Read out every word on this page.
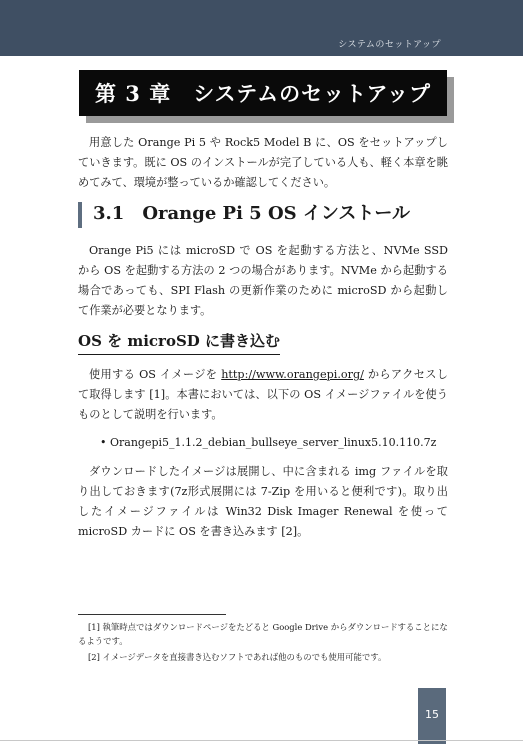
システムのセットアップ
第 3 章　システムのセットアップ

用意した Orange Pi 5 や Rock5 Model B に、OS をセットアップしていきます。既に OS のインストールが完了している人も、軽く本章を眺めてみて、環境が整っているか確認してください。

3.1　Orange Pi 5 OS インストール

Orange Pi5 には microSD で OS を起動する方法と、NVMe SSD から OS を起動する方法の 2 つの場合があります。NVMe から起動する場合であっても、SPI Flash の更新作業のために microSD から起動して作業が必要となります。

OS を microSD に書き込む

使用する OS イメージを http://www.orangepi.org/ からアクセスして取得します [1]。本書においては、以下の OS イメージファイルを使うものとして説明を行います。

• Orangepi5_1.1.2_debian_bullseye_server_linux5.10.110.7z

ダウンロードしたイメージは展開し、中に含まれる img ファイルを取り出しておきます(7z形式展開には 7-Zip を用いると便利です)。取り出したイメージファイルは Win32 Disk Imager Renewal を使って microSD カードに OS を書き込みます [2]。

[1] 執筆時点ではダウンロードページをたどると Google Drive からダウンロードすることになるようです。

[2] イメージデータを直接書き込むソフトであれば他のものでも使用可能です。

15
